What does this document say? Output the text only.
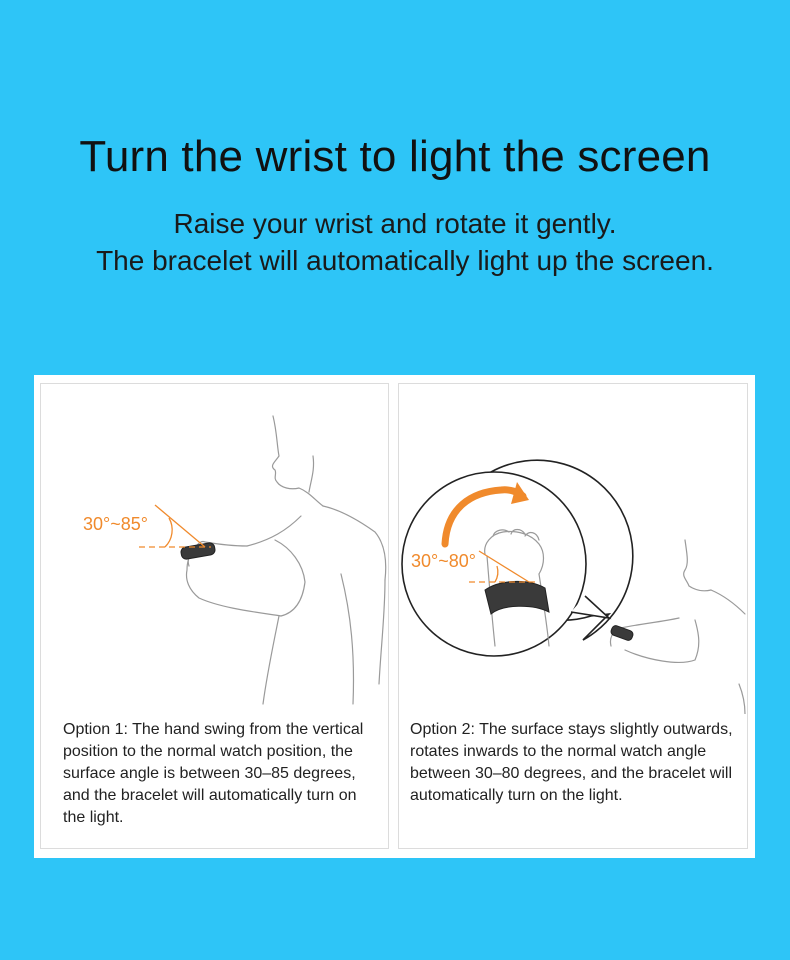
Turn the wrist to light the screen
Raise your wrist and rotate it gently.
The bracelet will automatically light up the screen.
30°~85°
Option 1: The hand swing from the vertical position to the normal watch position, the surface angle is between 30–85 degrees, and the bracelet will automatically turn on the light.
30°~80°
Option 2: The surface stays slightly outwards, rotates inwards to the normal watch angle between 30–80 degrees, and the bracelet will automatically turn on the light.
